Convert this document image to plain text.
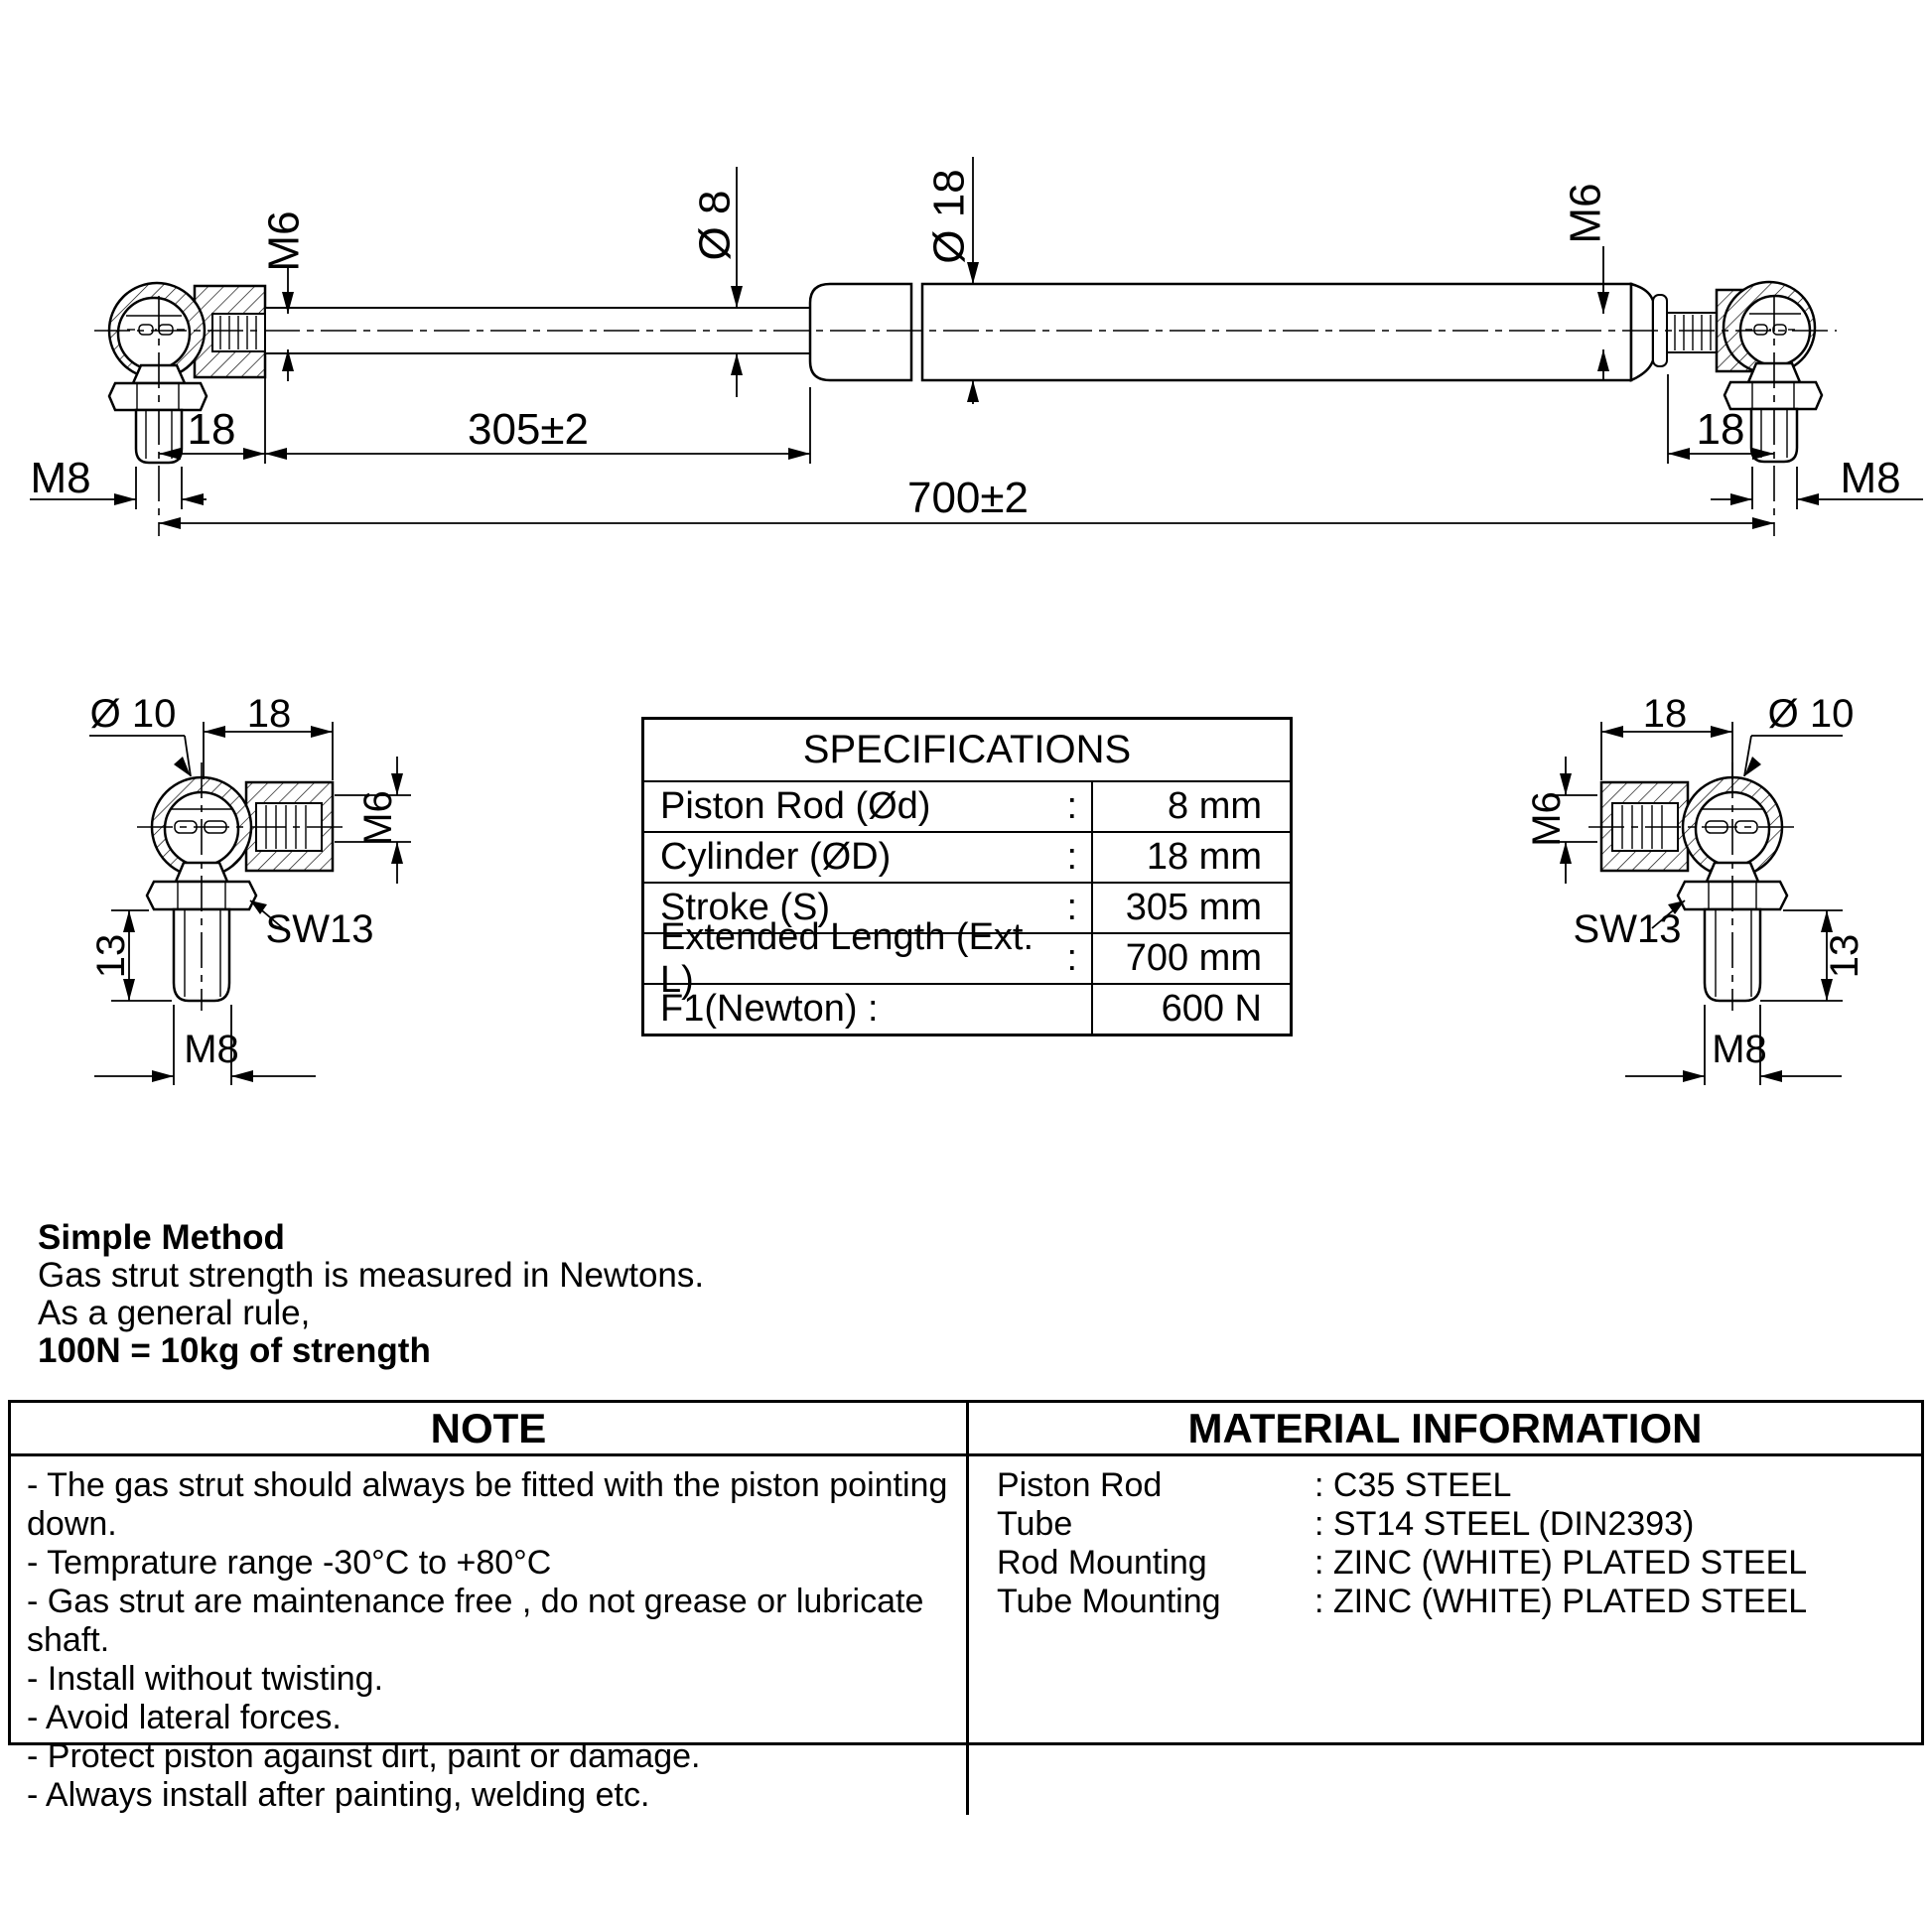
18	305±2	18
700±2
M8	M8
M6	Ø 8	Ø 18	M6
Ø 10 18
M6
SW13
13
M8
18 Ø 10
M6
SW13
13
M8
SPECIFICATIONS
Piston Rod (Ød)	:	8 mm
Cylinder (ØD)	:	18 mm
Stroke (S)	:	305 mm
Extended Length (Ext. L)
:	700 mm
F1(Newton) :	600 N
Simple Method
Gas strut strength is measured in Newtons.
As a general rule,
100N = 10kg of strength
NOTE	MATERIAL INFORMATION
- The gas strut should always be fitted with the piston pointing down.
- Temprature range -30°C to +80°C
- Gas strut are maintenance free , do not grease or lubricate shaft.
- Install without twisting.
- Avoid lateral forces.
- Protect piston against dirt, paint or damage.
- Always install after painting, welding etc.
Piston Rod	: C35 STEEL
Tube	: ST14 STEEL (DIN2393)
Rod Mounting	: ZINC (WHITE) PLATED STEEL
Tube Mounting	: ZINC (WHITE) PLATED STEEL
